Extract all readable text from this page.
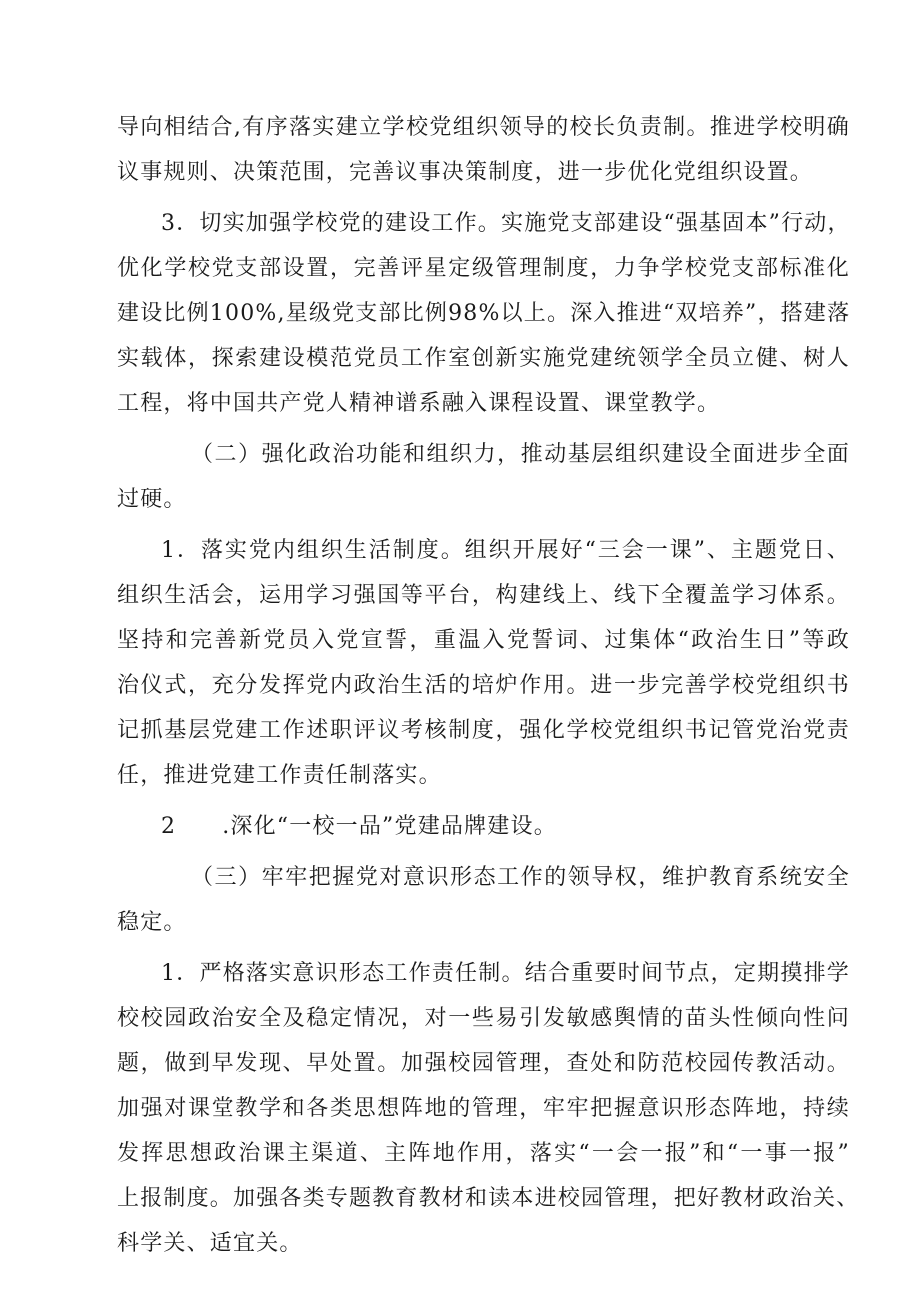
导向相结合,有序落实建立学校党组织领导的校长负责制。推进学校明确
议事规则、决策范围，完善议事决策制度，进一步优化党组织设置。
3．切实加强学校党的建设工作。实施党支部建设“强基固本”行动，
优化学校党支部设置，完善评星定级管理制度，力争学校党支部标准化
建设比例100%,星级党支部比例98%以上。深入推进“双培养”，搭建落
实载体，探索建设模范党员工作室创新实施党建统领学全员立健、树人
工程，将中国共产党人精神谱系融入课程设置、课堂教学。
（二）强化政治功能和组织力，推动基层组织建设全面进步全面
过硬。
1．落实党内组织生活制度。组织开展好“三会一课”、主题党日、
组织生活会，运用学习强国等平台，构建线上、线下全覆盖学习体系。
坚持和完善新党员入党宣誓，重温入党誓词、过集体“政治生日”等政
治仪式，充分发挥党内政治生活的培炉作用。进一步完善学校党组织书
记抓基层党建工作述职评议考核制度，强化学校党组织书记管党治党责
任，推进党建工作责任制落实。
2 .深化“一校一品”党建品牌建设。
（三）牢牢把握党对意识形态工作的领导权，维护教育系统安全
稳定。
1．严格落实意识形态工作责任制。结合重要时间节点，定期摸排学
校校园政治安全及稳定情况，对一些易引发敏感舆情的苗头性倾向性问
题，做到早发现、早处置。加强校园管理，查处和防范校园传教活动。
加强对课堂教学和各类思想阵地的管理，牢牢把握意识形态阵地，持续
发挥思想政治课主渠道、主阵地作用，落实“一会一报”和“一事一报”
上报制度。加强各类专题教育教材和读本进校园管理，把好教材政治关、
科学关、适宜关。
